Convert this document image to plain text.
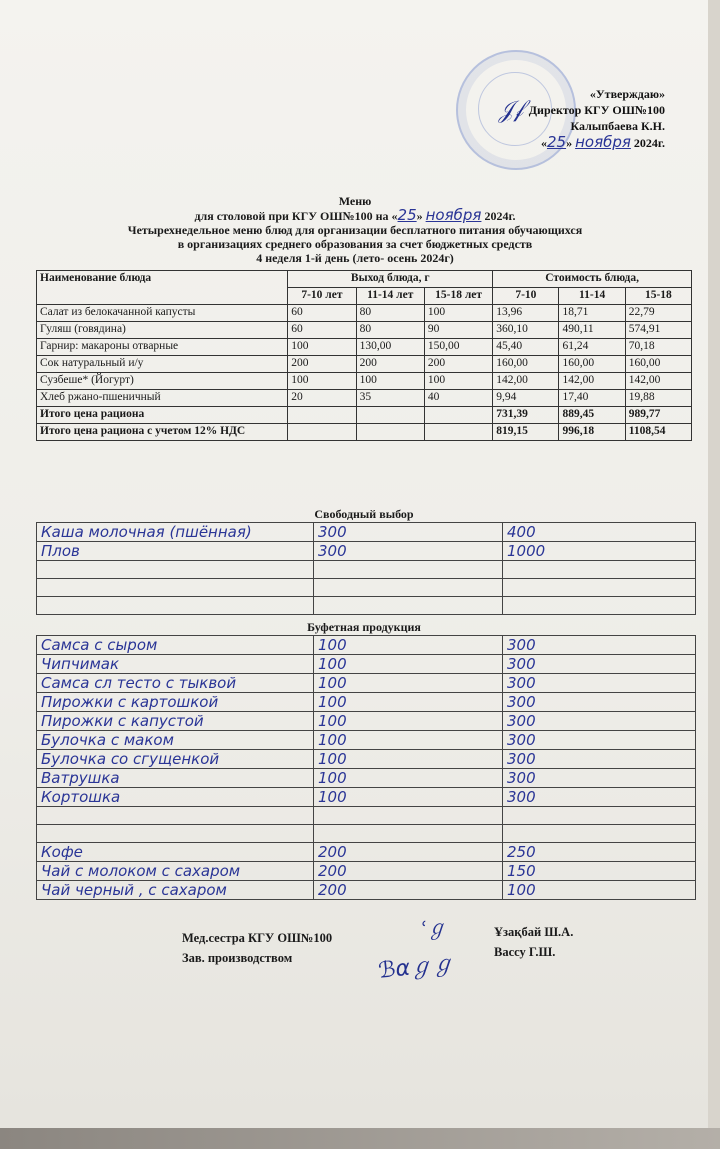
𝒥𝒻
«Утверждаю»
Директор КГУ ОШ№100
Калыпбаева К.Н.
«25» ноября 2024г.
Меню
для столовой при КГУ ОШ№100 на «25» ноября 2024г.
Четырехнедельное меню блюд для организации бесплатного питания обучающихся
в организациях среднего образования за счет бюджетных средств
4 неделя 1-й день (лето- осень 2024г)
Наименование блюда	Выход блюда, г			Стоимость блюда,		
	7-10 лет	11-14 лет	15-18 лет	7-10	11-14	15-18
Салат из белокачанной капусты	60	80	100	13,96	18,71	22,79
Гуляш (говядина)	60	80	90	360,10	490,11	574,91
Гарнир: макароны отварные	100	130,00	150,00	45,40	61,24	70,18
Сок натуральный и/у	200	200	200	160,00	160,00	160,00
Сузбеше* (Йогурт)	100	100	100	142,00	142,00	142,00
Хлеб ржано-пшеничный	20	35	40	9,94	17,40	19,88
Итого цена рациона				731,39	889,45	989,77
Итого цена рациона с учетом 12% НДС				819,15	996,18	1108,54
Свободный выбор
Каша молочная (пшённая)	300	400
Плов	300	1000

Буфетная продукция
Самса с сыром	100	300
Чипчимак	100	300
Самса сл тесто с тыквой	100	300
Пирожки с картошкой	100	300
Пирожки с капустой	100	300
Булочка с маком	100	300
Булочка со сгущенкой	100	300
Ватрушка	100	300
Кортошка	100	300

Кофе	200	250
Чай с молоком с сахаром	200	150
Чай черный , с сахаром	200	100
Мед.сестра КГУ ОШ№100
Зав. производством
ՙℊ
ℬαℊℊ
Ұзақбай Ш.А.
Вассу Г.Ш.
